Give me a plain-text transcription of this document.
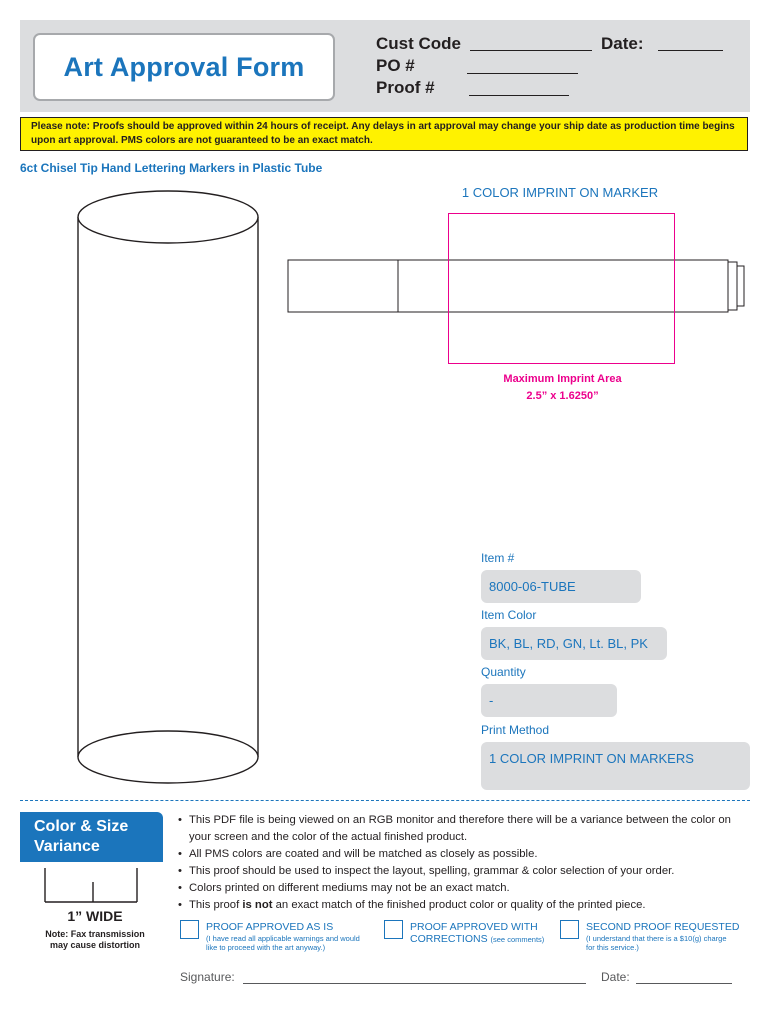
Art Approval Form
Cust Code	Date:
PO #
Proof #
Please note: Proofs should be approved within 24 hours of receipt. Any delays in art approval may change your ship date as production time begins upon art approval. PMS colors are not guaranteed to be an exact match.
6ct Chisel Tip Hand Lettering Markers in Plastic Tube
1 COLOR IMPRINT ON MARKER
Maximum Imprint Area
2.5” x 1.6250”
Item #
8000-06-TUBE
Item Color
BK, BL, RD, GN, Lt. BL, PK
Quantity
-
Print Method
1 COLOR IMPRINT ON MARKERS
Color & Size
Variance
1” WIDE
Note: Fax transmission
may cause distortion
• This PDF file is being viewed on an RGB monitor and therefore there will be a variance between the color on your screen and the color of the actual finished product.
• All PMS colors are coated and will be matched as closely as possible.
• This proof should be used to inspect the layout, spelling, grammar & color selection of your order.
• Colors printed on different mediums may not be an exact match.
• This proof is not an exact match of the finished product color or quality of the printed piece.
PROOF APPROVED AS IS
(I have read all applicable warnings and would
like to proceed with the art anyway.)
PROOF APPROVED WITH
CORRECTIONS (see comments)
SECOND PROOF REQUESTED
(I understand that there is a $10(g) charge
for this service.)
Signature:	Date:
